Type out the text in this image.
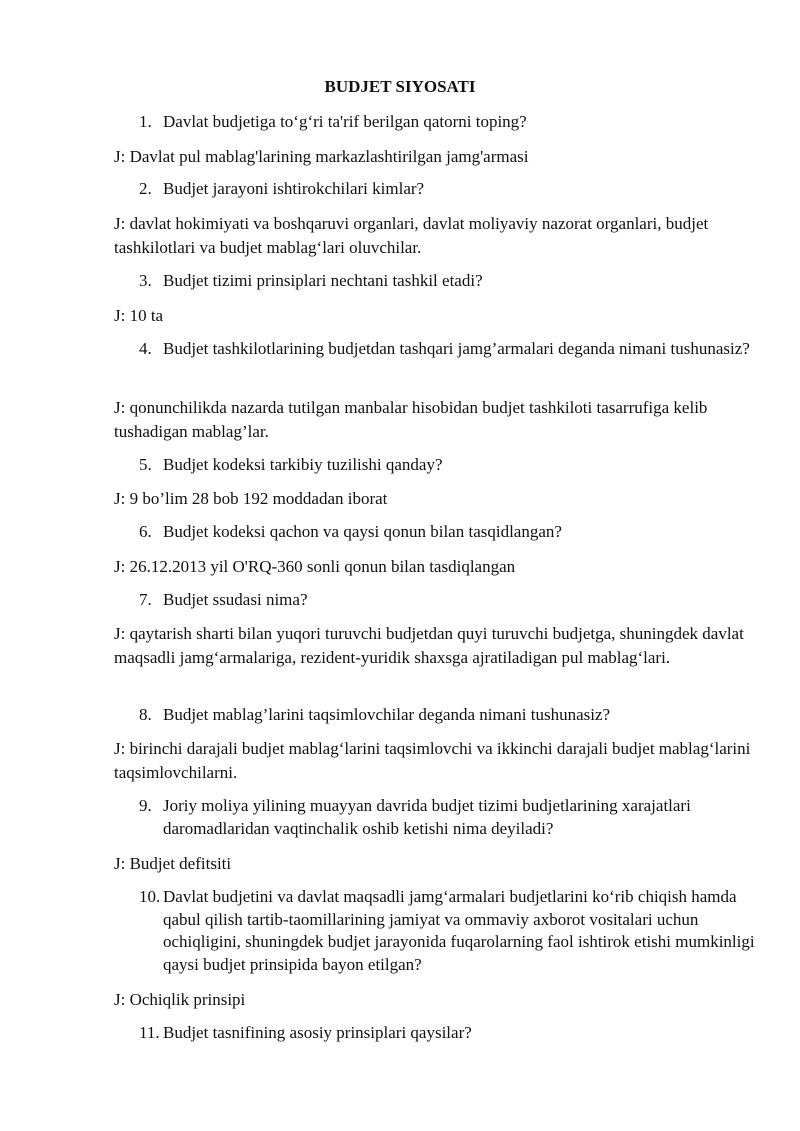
BUDJET SIYOSATI
1. Davlat budjetiga to‘g‘ri ta'rif berilgan qatorni toping?
J: Davlat pul mablag'larining markazlashtirilgan jamg'armasi
2. Budjet jarayoni ishtirokchilari kimlar?
J: davlat hokimiyati va boshqaruvi organlari, davlat moliyaviy nazorat organlari, budjet tashkilotlari va budjet mablag‘lari oluvchilar.
3. Budjet tizimi prinsiplari nechtani tashkil etadi?
J: 10 ta
4. Budjet tashkilotlarining budjetdan tashqari jamg’armalari deganda nimani tushunasiz?
J: qonunchilikda nazarda tutilgan manbalar hisobidan budjet tashkiloti tasarrufiga kelib tushadigan mablag’lar.
5. Budjet kodeksi tarkibiy tuzilishi qanday?
J: 9 bo’lim 28 bob 192 moddadan iborat
6. Budjet kodeksi qachon va qaysi qonun bilan tasqidlangan?
J: 26.12.2013 yil O'RQ-360 sonli qonun bilan tasdiqlangan
7. Budjet ssudasi nima?
J: qaytarish sharti bilan yuqori turuvchi budjetdan quyi turuvchi budjetga, shuningdek davlat maqsadli jamg‘armalariga, rezident-yuridik shaxsga ajratiladigan pul mablag‘lari.
8. Budjet mablag’larini taqsimlovchilar deganda nimani tushunasiz?
J: birinchi darajali budjet mablag‘larini taqsimlovchi va ikkinchi darajali budjet mablag‘larini taqsimlovchilarni.
9. Joriy moliya yilining muayyan davrida budjet tizimi budjetlarining xarajatlari daromadlaridan vaqtinchalik oshib ketishi nima deyiladi?
J: Budjet defitsiti
10. Davlat budjetini va davlat maqsadli jamg‘armalari budjetlarini ko‘rib chiqish hamda qabul qilish tartib-taomillarining jamiyat va ommaviy axborot vositalari uchun ochiqligini, shuningdek budjet jarayonida fuqarolarning faol ishtirok etishi mumkinligi qaysi budjet prinsipida bayon etilgan?
J: Ochiqlik prinsipi
11. Budjet tasnifining asosiy prinsiplari qaysilar?
